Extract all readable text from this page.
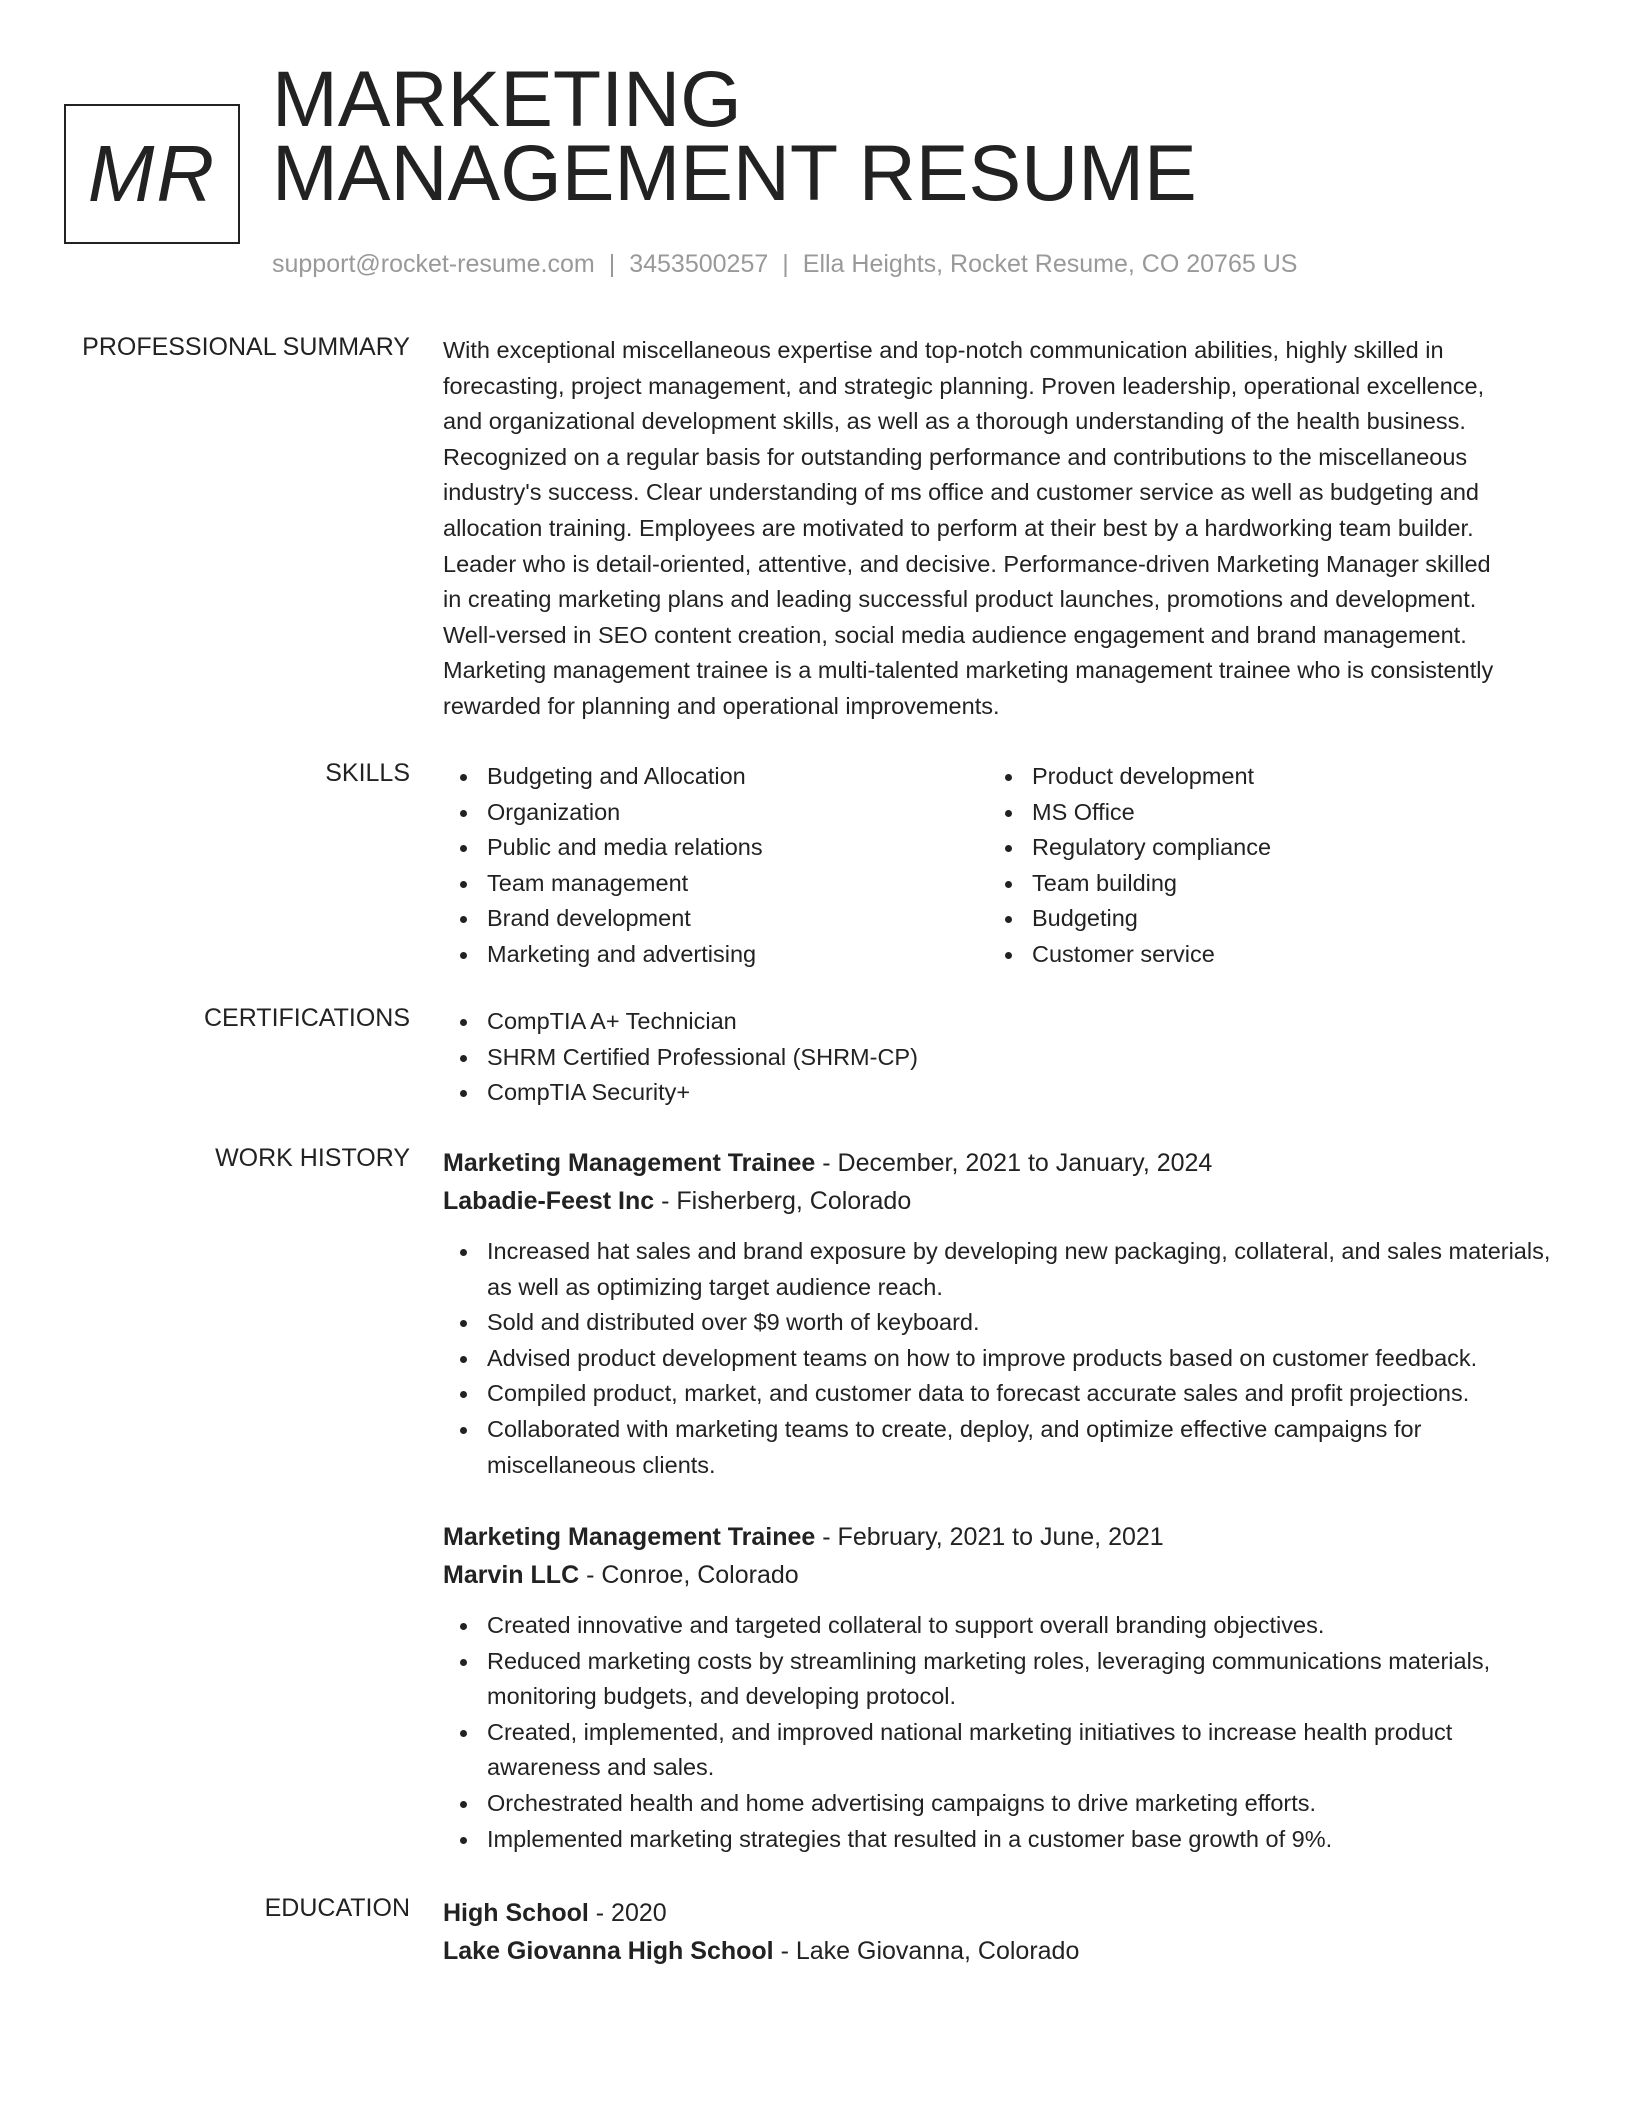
MR
MARKETING
MANAGEMENT RESUME
support@rocket-resume.com | 3453500257 | Ella Heights, Rocket Resume, CO 20765 US
PROFESSIONAL SUMMARY With exceptional miscellaneous expertise and top-notch communication abilities, highly skilled in
forecasting, project management, and strategic planning. Proven leadership, operational excellence,
and organizational development skills, as well as a thorough understanding of the health business.
Recognized on a regular basis for outstanding performance and contributions to the miscellaneous
industry's success. Clear understanding of ms office and customer service as well as budgeting and
allocation training. Employees are motivated to perform at their best by a hardworking team builder.
Leader who is detail-oriented, attentive, and decisive. Performance-driven Marketing Manager skilled
in creating marketing plans and leading successful product launches, promotions and development.
Well-versed in SEO content creation, social media audience engagement and brand management.
Marketing management trainee is a multi-talented marketing management trainee who is consistently
rewarded for planning and operational improvements.

SKILLS	Budgeting and Allocation
Organization
Public and media relations
Team management
Brand development
Marketing and advertising
Product development
MS Office
Regulatory compliance
Team building
Budgeting
Customer service
CERTIFICATIONS	CompTIA A+ Technician
SHRM Certified Professional (SHRM-CP)
CompTIA Security+
WORK HISTORY Marketing Management Trainee - December, 2021 to January, 2024
Labadie-Feest Inc - Fisherberg, Colorado
Increased hat sales and brand exposure by developing new packaging, collateral, and sales materials, as well as optimizing target audience reach.
Sold and distributed over $9 worth of keyboard.
Advised product development teams on how to improve products based on customer feedback.
Compiled product, market, and customer data to forecast accurate sales and profit projections.
Collaborated with marketing teams to create, deploy, and optimize effective campaigns for miscellaneous clients.
Marketing Management Trainee - February, 2021 to June, 2021
Marvin LLC - Conroe, Colorado
Created innovative and targeted collateral to support overall branding objectives.
Reduced marketing costs by streamlining marketing roles, leveraging communications materials, monitoring budgets, and developing protocol.
Created, implemented, and improved national marketing initiatives to increase health product awareness and sales.
Orchestrated health and home advertising campaigns to drive marketing efforts.
Implemented marketing strategies that resulted in a customer base growth of 9%.
EDUCATION High School - 2020
Lake Giovanna High School - Lake Giovanna, Colorado
